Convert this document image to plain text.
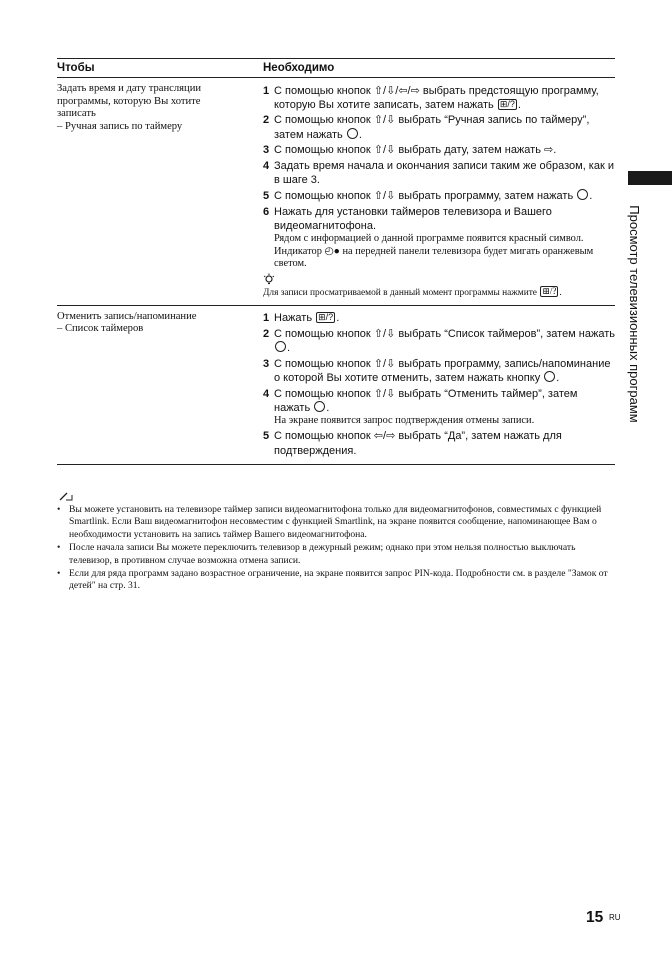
Чтобы	Необходимо
Задать время и дату трансляции
программы, которую Вы хотите
записать
– Ручная запись по таймеру
1 С помощью кнопок ⇧/⇩/⇦/⇨ выбрать предстоящую программу, которую Вы хотите записать, затем нажать ⊞/? .
2 С помощью кнопок ⇧/⇩ выбрать “Ручная запись по таймеру”, затем нажать .
3 С помощью кнопок ⇧/⇩ выбрать дату, затем нажать ⇨.
4 Задать время начала и окончания записи таким же образом, как и в шаге 3.
5 С помощью кнопок ⇧/⇩ выбрать программу, затем нажать .
6 Нажать для установки таймеров телевизора и Вашего видеомагнитофона.
Рядом с информацией о данной программе появится красный символ. Индикатор ◴● на передней панели телевизора будет мигать оранжевым светом.
Для записи просматриваемой в данный момент программы нажмите ⊞/? .
Отменить запись/напоминание
– Список таймеров
1 Нажать ⊞/? .
2 С помощью кнопок ⇧/⇩ выбрать “Список таймеров”, затем нажать .
3 С помощью кнопок ⇧/⇩ выбрать программу, запись/напоминание о которой Вы хотите отменить, затем нажать кнопку .
4 С помощью кнопок ⇧/⇩ выбрать “Отменить таймер”, затем нажать .
На экране появится запрос подтверждения отмены записи.
5 С помощью кнопок ⇦/⇨ выбрать “Да”, затем нажать для подтверждения.
• Вы можете установить на телевизоре таймер записи видеомагнитофона только для видеомагнитофонов, совместимых с функцией Smartlink. Если Ваш видеомагнитофон несовместим с функцией Smartlink, на экране появится сообщение, напоминающее Вам о необходимости установить на запись таймер Вашего видеомагнитофона.
• После начала записи Вы можете переключить телевизор в дежурный режим; однако при этом нельзя полностью выключать телевизор, в противном случае возможна отмена записи.
• Если для ряда программ задано возрастное ограничение, на экране появится запрос PIN-кода. Подробности см. в разделе "Замок от детей" на стр. 31.
Просмотр телевизионных программ
15 RU
